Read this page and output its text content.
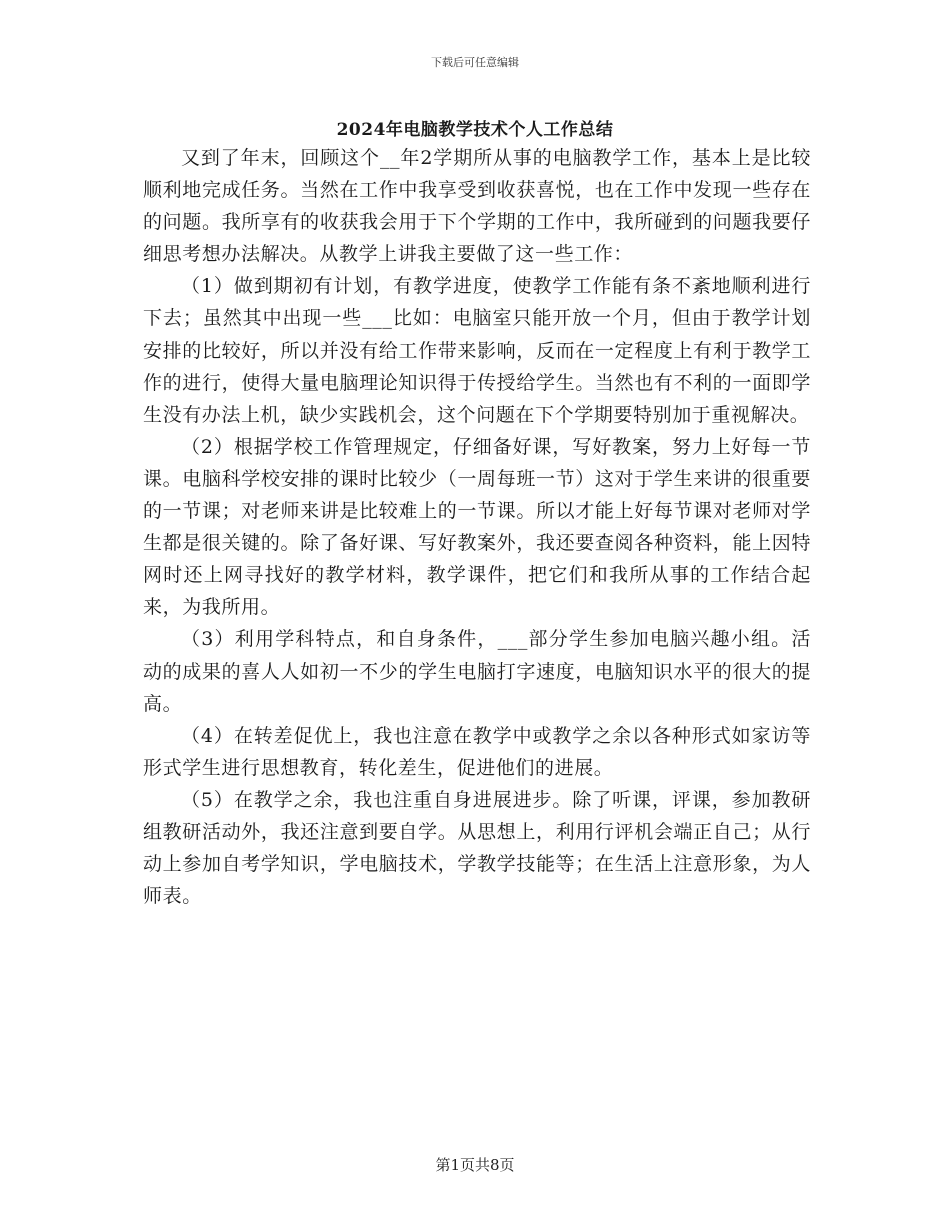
下载后可任意编辑
2024年电脑教学技术个人工作总结

又到了年末，回顾这个__年2学期所从事的电脑教学工作，基本上是比较顺利地完成任务。当然在工作中我享受到收获喜悦，也在工作中发现一些存在的问题。我所享有的收获我会用于下个学期的工作中，我所碰到的问题我要仔细思考想办法解决。从教学上讲我主要做了这一些工作：

（1）做到期初有计划，有教学进度，使教学工作能有条不紊地顺利进行下去；虽然其中出现一些___比如：电脑室只能开放一个月，但由于教学计划安排的比较好，所以并没有给工作带来影响，反而在一定程度上有利于教学工作的进行，使得大量电脑理论知识得于传授给学生。当然也有不利的一面即学生没有办法上机，缺少实践机会，这个问题在下个学期要特别加于重视解决。

（2）根据学校工作管理规定，仔细备好课，写好教案，努力上好每一节课。电脑科学校安排的课时比较少（一周每班一节）这对于学生来讲的很重要的一节课；对老师来讲是比较难上的一节课。所以才能上好每节课对老师对学生都是很关键的。除了备好课、写好教案外，我还要查阅各种资料，能上因特网时还上网寻找好的教学材料，教学课件，把它们和我所从事的工作结合起来，为我所用。

（3）利用学科特点，和自身条件，___部分学生参加电脑兴趣小组。活动的成果的喜人人如初一不少的学生电脑打字速度，电脑知识水平的很大的提高。

（4）在转差促优上，我也注意在教学中或教学之余以各种形式如家访等形式学生进行思想教育，转化差生，促进他们的进展。

（5）在教学之余，我也注重自身进展进步。除了听课，评课，参加教研组教研活动外，我还注意到要自学。从思想上，利用行评机会端正自己；从行动上参加自考学知识，学电脑技术，学教学技能等；在生活上注意形象，为人师表。

第1页共8页
